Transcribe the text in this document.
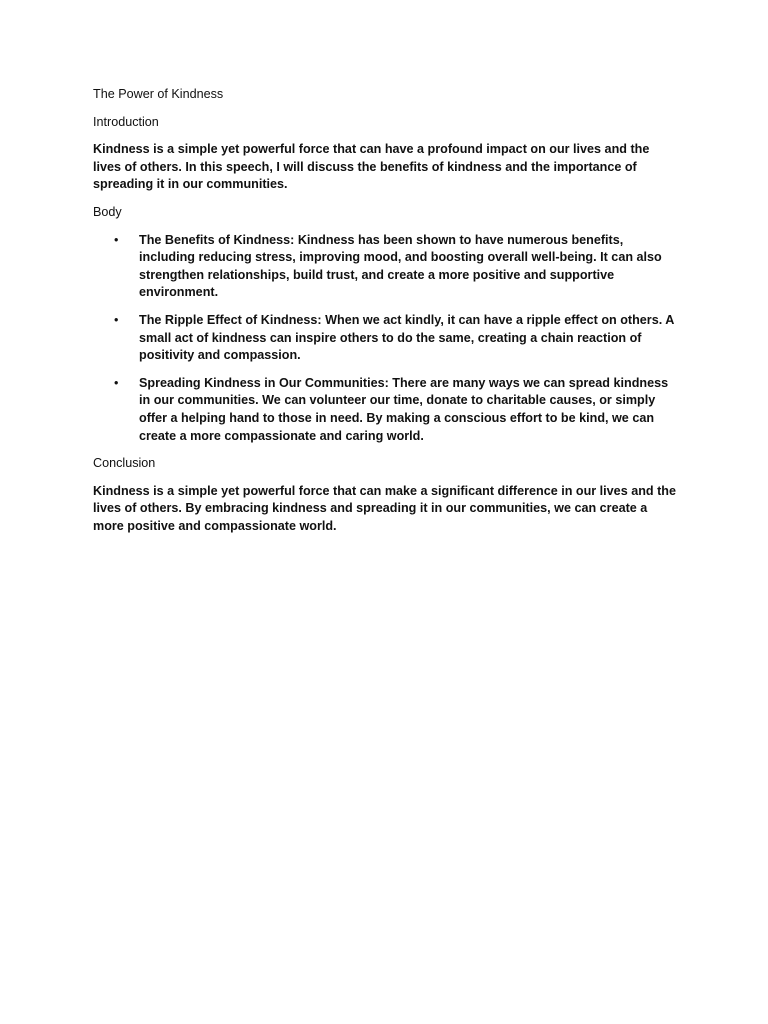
The Power of Kindness

Introduction

Kindness is a simple yet powerful force that can have a profound impact on our lives and the lives of others. In this speech, I will discuss the benefits of kindness and the importance of spreading it in our communities.

Body

• The Benefits of Kindness: Kindness has been shown to have numerous benefits, including reducing stress, improving mood, and boosting overall well-being. It can also strengthen relationships, build trust, and create a more positive and supportive environment.
• The Ripple Effect of Kindness: When we act kindly, it can have a ripple effect on others. A small act of kindness can inspire others to do the same, creating a chain reaction of positivity and compassion.
• Spreading Kindness in Our Communities: There are many ways we can spread kindness in our communities. We can volunteer our time, donate to charitable causes, or simply offer a helping hand to those in need. By making a conscious effort to be kind, we can create a more compassionate and caring world.

Conclusion

Kindness is a simple yet powerful force that can make a significant difference in our lives and the lives of others. By embracing kindness and spreading it in our communities, we can create a more positive and compassionate world.
